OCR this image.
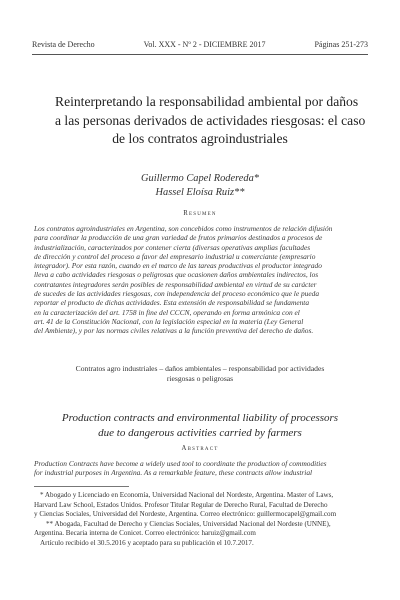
Revista de Derecho	Vol. XXX - Nº 2 - DICIEMBRE 2017	Páginas 251-273
Reinterpretando la responsabilidad ambiental por daños
a las personas derivados de actividades riesgosas: el caso
de los contratos agroindustriales
Guillermo Capel Rodereda*
Hassel Eloísa Ruiz**
Resumen
Los contratos agroindustriales en Argentina, son concebidos como instrumentos de relación difusión
para coordinar la producción de una gran variedad de frutos primarios destinados a procesos de
industrialización, caracterizados por contener cierta (diversas operativas amplias facultades
de dirección y control del proceso a favor del empresario industrial u comerciante (empresario
integrador). Por esta razón, cuando en el marco de las tareas productivas el productor integrado
lleva a cabo actividades riesgosas o peligrosas que ocasionen daños ambientales indirectos, los
contratantes integradores serán posibles de responsabilidad ambiental en virtud de su carácter
de sucedes de las actividades riesgosas, con independencia del proceso económico que le pueda
reportar el producto de dichas actividades. Esta extensión de responsabilidad se fundamenta
en la caracterización del art. 1758 in fine del CCCN, operando en forma armónica con el
art. 41 de la Constitución Nacional, con la legislación especial en la materia (Ley General
del Ambiente), y por las normas civiles relativas a la función preventiva del derecho de daños.
Contratos agro industriales – daños ambientales – responsabilidad por actividades
riesgosas o peligrosas
Production contracts and environmental liability of processors
due to dangerous activities carried by farmers
Abstract
Production Contracts have become a widely used tool to coordinate the production of commodities
for industrial purposes in Argentina. As a remarkable feature, these contracts allow industrial
* Abogado y Licenciado en Economía, Universidad Nacional del Nordeste, Argentina. Master of Laws,
Harvard Law School, Estados Unidos. Profesor Titular Regular de Derecho Rural, Facultad de Derecho
y Ciencias Sociales, Universidad del Nordeste, Argentina. Correo electrónico: guillermocapel@gmail.com
** Abogada, Facultad de Derecho y Ciencias Sociales, Universidad Nacional del Nordeste (UNNE),
Argentina. Becaria interna de Conicet. Correo electrónico: haruiz@gmail.com
Artículo recibido el 30.5.2016 y aceptado para su publicación el 10.7.2017.
